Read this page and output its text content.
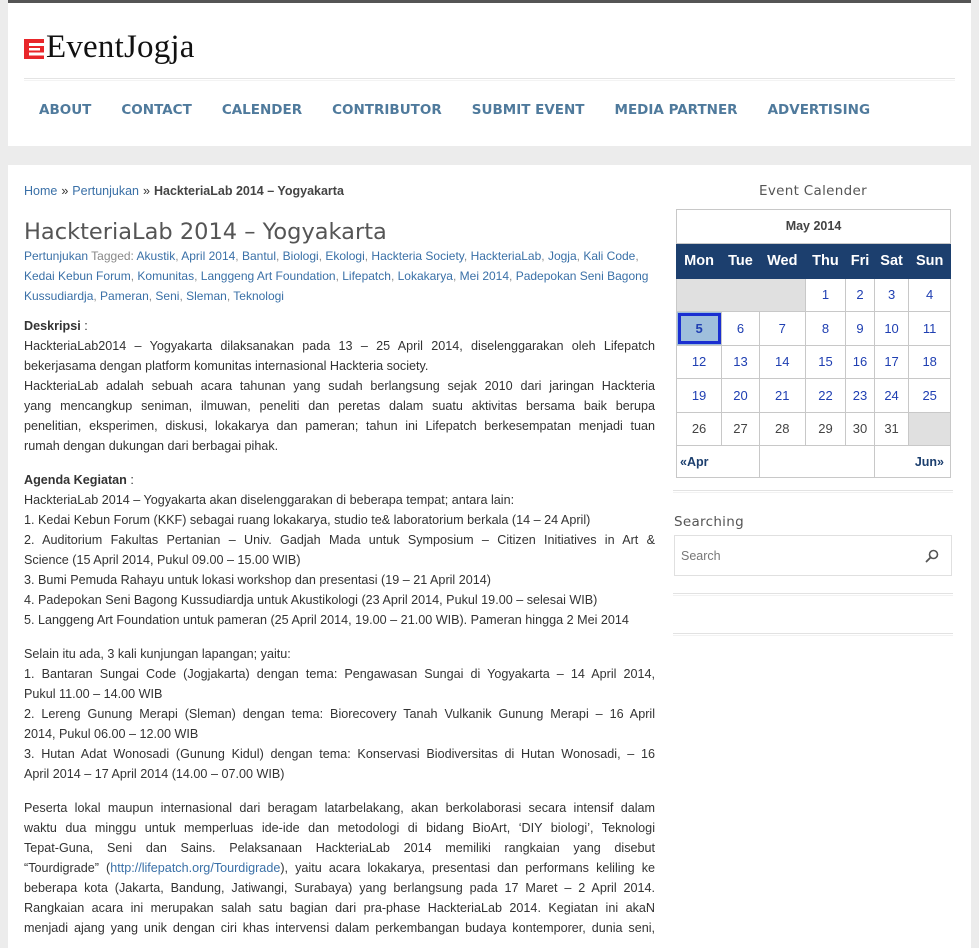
EventJogja
ABOUT	CONTACT	CALENDER	CONTRIBUTOR	SUBMIT EVENT	MEDIA PARTNER	ADVERTISING
Home » Pertunjukan » HackteriaLab 2014 – Yogyakarta
HackteriaLab 2014 – Yogyakarta
Pertunjukan Tagged: Akustik, April 2014, Bantul, Biologi, Ekologi, Hackteria Society, HackteriaLab, Jogja, Kali Code, Kedai Kebun Forum, Komunitas, Langgeng Art Foundation, Lifepatch, Lokakarya, Mei 2014, Padepokan Seni Bagong Kussudiardja, Pameran, Seni, Sleman, Teknologi

Deskripsi :

HackteriaLab2014 – Yogyakarta dilaksanakan pada 13 – 25 April 2014, diselenggarakan oleh Lifepatch
bekerjasama dengan platform komunitas internasional Hackteria society.
HackteriaLab adalah sebuah acara tahunan yang sudah berlangsung sejak 2010 dari jaringan Hackteria
yang mencangkup seniman, ilmuwan, peneliti dan peretas dalam suatu aktivitas bersama baik berupa
penelitian, eksperimen, diskusi, lokakarya dan pameran; tahun ini Lifepatch berkesempatan menjadi tuan
rumah dengan dukungan dari berbagai pihak.

Agenda Kegiatan :

HackteriaLab 2014 – Yogyakarta akan diselenggarakan di beberapa tempat; antara lain:
1. Kedai Kebun Forum (KKF) sebagai ruang lokakarya, studio te& laboratorium berkala (14 – 24 April)
2. Auditorium Fakultas Pertanian – Univ. Gadjah Mada untuk Symposium – Citizen Initiatives in Art &
Science (15 April 2014, Pukul 09.00 – 15.00 WIB)
3. Bumi Pemuda Rahayu untuk lokasi workshop dan presentasi (19 – 21 April 2014)
4. Padepokan Seni Bagong Kussudiardja untuk Akustikologi (23 April 2014, Pukul 19.00 – selesai WIB)
5. Langgeng Art Foundation untuk pameran (25 April 2014, 19.00 – 21.00 WIB). Pameran hingga 2 Mei 2014
Selain itu ada, 3 kali kunjungan lapangan; yaitu:
1. Bantaran Sungai Code (Jogjakarta) dengan tema: Pengawasan Sungai di Yogyakarta – 14 April 2014,
Pukul 11.00 – 14.00 WIB
2. Lereng Gunung Merapi (Sleman) dengan tema: Biorecovery Tanah Vulkanik Gunung Merapi – 16 April
2014, Pukul 06.00 – 12.00 WIB
3. Hutan Adat Wonosadi (Gunung Kidul) dengan tema: Konservasi Biodiversitas di Hutan Wonosadi, – 16
April 2014 – 17 April 2014 (14.00 – 07.00 WIB)
Peserta lokal maupun internasional dari beragam latarbelakang, akan berkolaborasi secara intensif dalam
waktu dua minggu untuk memperluas ide-ide dan metodologi di bidang BioArt, ‘DIY biologi’, Teknologi
Tepat-Guna, Seni dan Sains. Pelaksanaan HackteriaLab 2014 memiliki rangkaian yang disebut
“Tourdigrade” (http://lifepatch.org/Tourdigrade), yaitu acara lokakarya, presentasi dan performans keliling ke
beberapa kota (Jakarta, Bandung, Jatiwangi, Surabaya) yang berlangsung pada 17 Maret – 2 April 2014.
Rangkaian acara ini merupakan salah satu bagian dari pra-phase HackteriaLab 2014. Kegiatan ini akaN
menjadi ajang yang unik dengan ciri khas intervensi dalam perkembangan budaya kontemporer, dunia seni,
Event Calender
May 2014						
Mon	Tue	Wed	Thu	Fri	Sat	Sun
			1	2	3	4
5	6	7	8	9	10	11
12	13	14	15	16	17	18
19	20	21	22	23	24	25
26	27	28	29	30	31	
«Apr					Jun»	
Searching
Search
